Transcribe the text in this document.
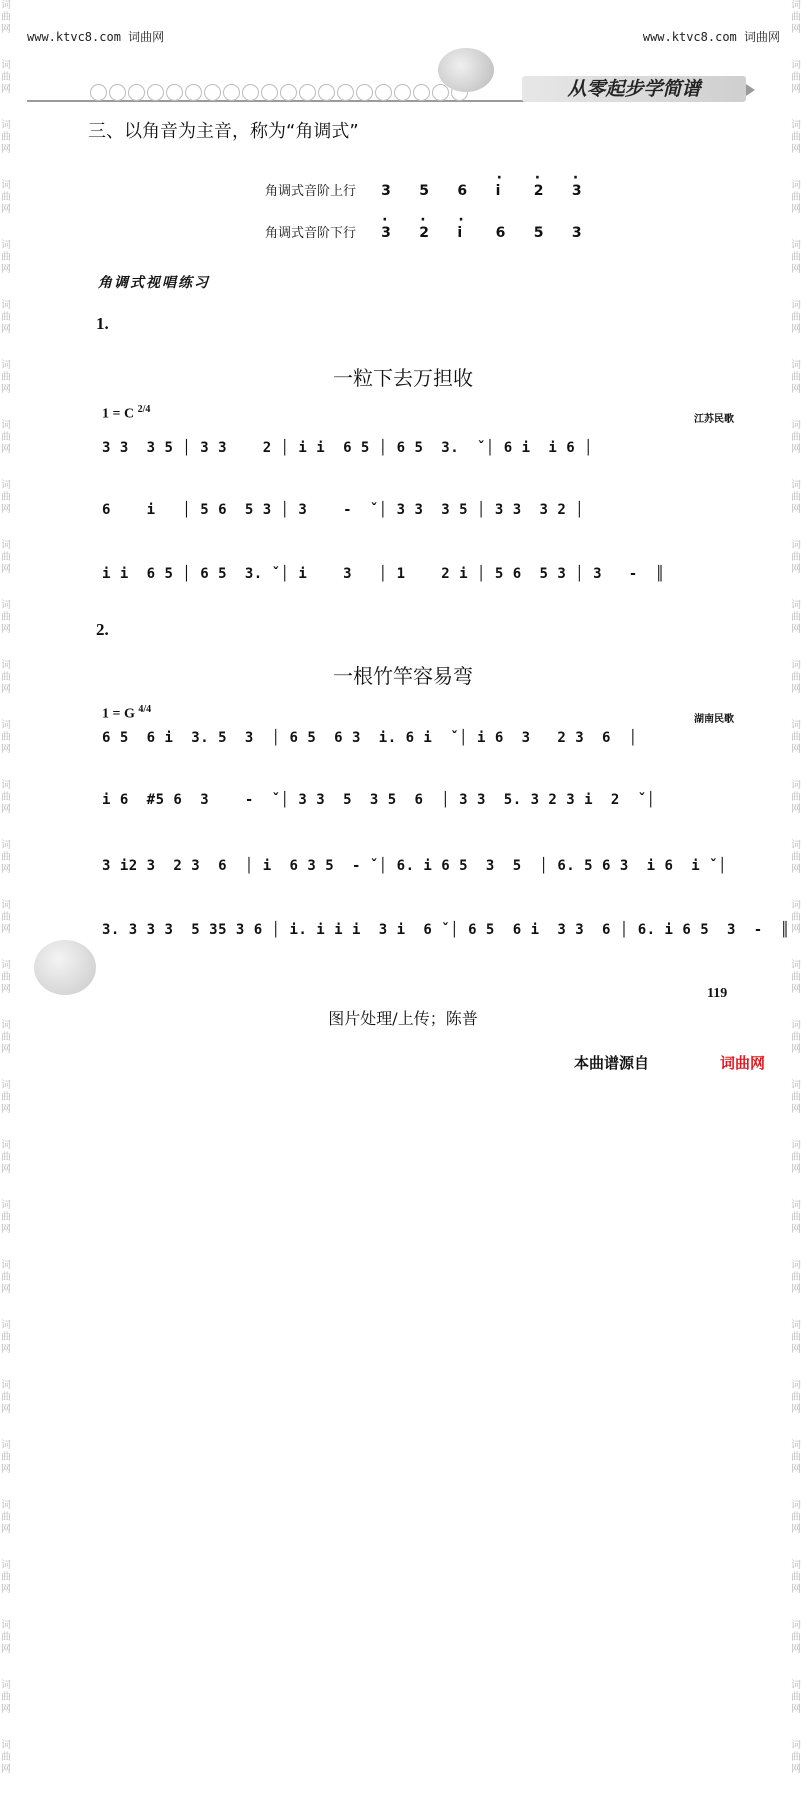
词
曲
网
词
曲
网
词
曲
网
词
曲
网
词
曲
网
词
曲
网
词
曲
网
词
曲
网
词
曲
网
词
曲
网
词
曲
网
词
曲
网
词
曲
网
词
曲
网
词
曲
网
词
曲
网
词
曲
网
词
曲
网
词
曲
网
词
曲
网
词
曲
网
词
曲
网
词
曲
网
词
曲
网
词
曲
网
词
曲
网
词
曲
网
词
曲
网
词
曲
网
词
曲
网
词
曲
网
词
曲
网
词
曲
网
词
曲
网
词
曲
网
词
曲
网
词
曲
网
词
曲
网
词
曲
网
词
曲
网
词
曲
网
词
曲
网
词
曲
网
词
曲
网
词
曲
网
词
曲
网
词
曲
网
词
曲
网
词
曲
网
词
曲
网
词
曲
网
词
曲
网
词
曲
网
词
曲
网
词
曲
网
词
曲
网
词
曲
网
词
曲
网
词
曲
网
词
曲
网
www.ktvc8.com 词曲网	www.ktvc8.com 词曲网
从零起步学简谱
三、以角音为主音，称为“角调式”
角调式音阶上行 3 5 6 · i · 2 · 3
角调式音阶下行 · 3 · 2 · i 6 5 3
角调式视唱练习
1.
一粒下去万担收
1 = C $^{2/4}$
江苏民歌
3 3  3 5 │ 3 3    2 │ i i  6 5 │ 6 5  3.  ˇ│ 6 i  i 6 │
6    i   │ 5 6  5 3 │ 3    -  ˇ│ 3 3  3 5 │ 3 3  3 2 │
i i  6 5 │ 6 5  3. ˇ│ i    3   │ 1    2 i │ 5 6  5 3 │ 3   -  ║
2.
一根竹竿容易弯
1 = G $^{4/4}$
湖南民歌
6 5  6 i  3. 5  3  │ 6 5  6 3  i. 6 i  ˇ│ i 6  3   2 3  6  │
i 6  #5 6  3    -  ˇ│ 3 3  5  3 5  6  │ 3 3  5. 3 2 3 i  2  ˇ│
3 i2 3  2 3  6  │ i  6 3 5  - ˇ│ 6. i 6 5  3  5  │ 6. 5 6 3  i 6  i ˇ│
3. 3 3 3  5 35 3 6 │ i. i i i  3 i  6 ˇ│ 6 5  6 i  3 3  6 │ 6. i 6 5  3  -  ║
119
图片处理/上传；陈普
本曲谱源自	词曲网
